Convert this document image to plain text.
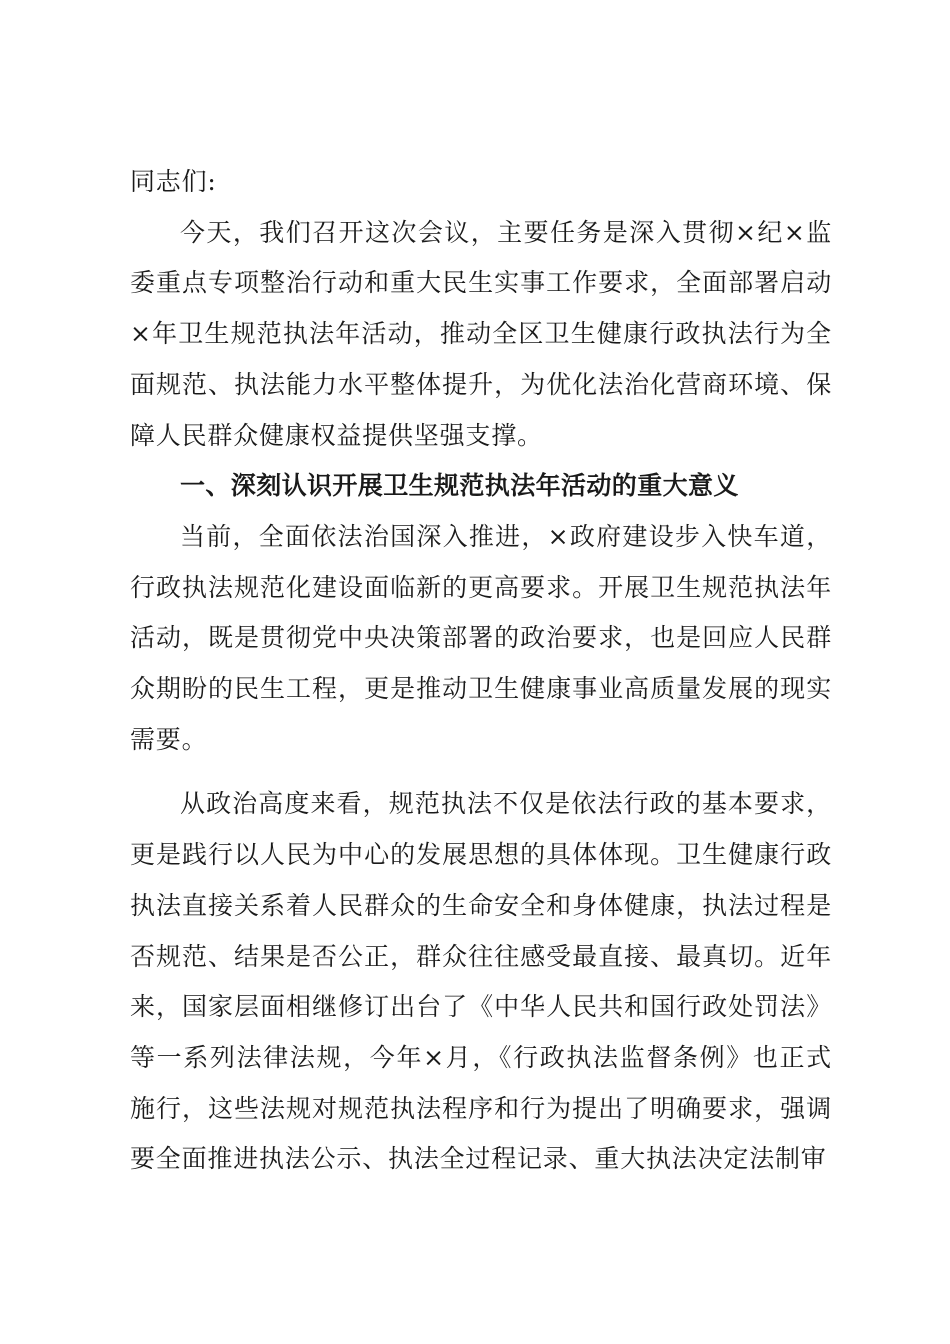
同志们:

今天，我们召开这次会议，主要任务是深入贯彻×纪×监委重点专项整治行动和重大民生实事工作要求，全面部署启动×年卫生规范执法年活动，推动全区卫生健康行政执法行为全面规范、执法能力水平整体提升，为优化法治化营商环境、保障人民群众健康权益提供坚强支撑。

一、深刻认识开展卫生规范执法年活动的重大意义

当前，全面依法治国深入推进，×政府建设步入快车道，行政执法规范化建设面临新的更高要求。开展卫生规范执法年活动，既是贯彻党中央决策部署的政治要求，也是回应人民群众期盼的民生工程，更是推动卫生健康事业高质量发展的现实需要。

从政治高度来看，规范执法不仅是依法行政的基本要求，更是践行以人民为中心的发展思想的具体体现。卫生健康行政执法直接关系着人民群众的生命安全和身体健康，执法过程是否规范、结果是否公正，群众往往感受最直接、最真切。近年来，国家层面相继修订出台了《中华人民共和国行政处罚法》等一系列法律法规，今年×月，《行政执法监督条例》也正式施行，这些法规对规范执法程序和行为提出了明确要求，强调要全面推进执法公示、执法全过程记录、重大执法决定法制审
